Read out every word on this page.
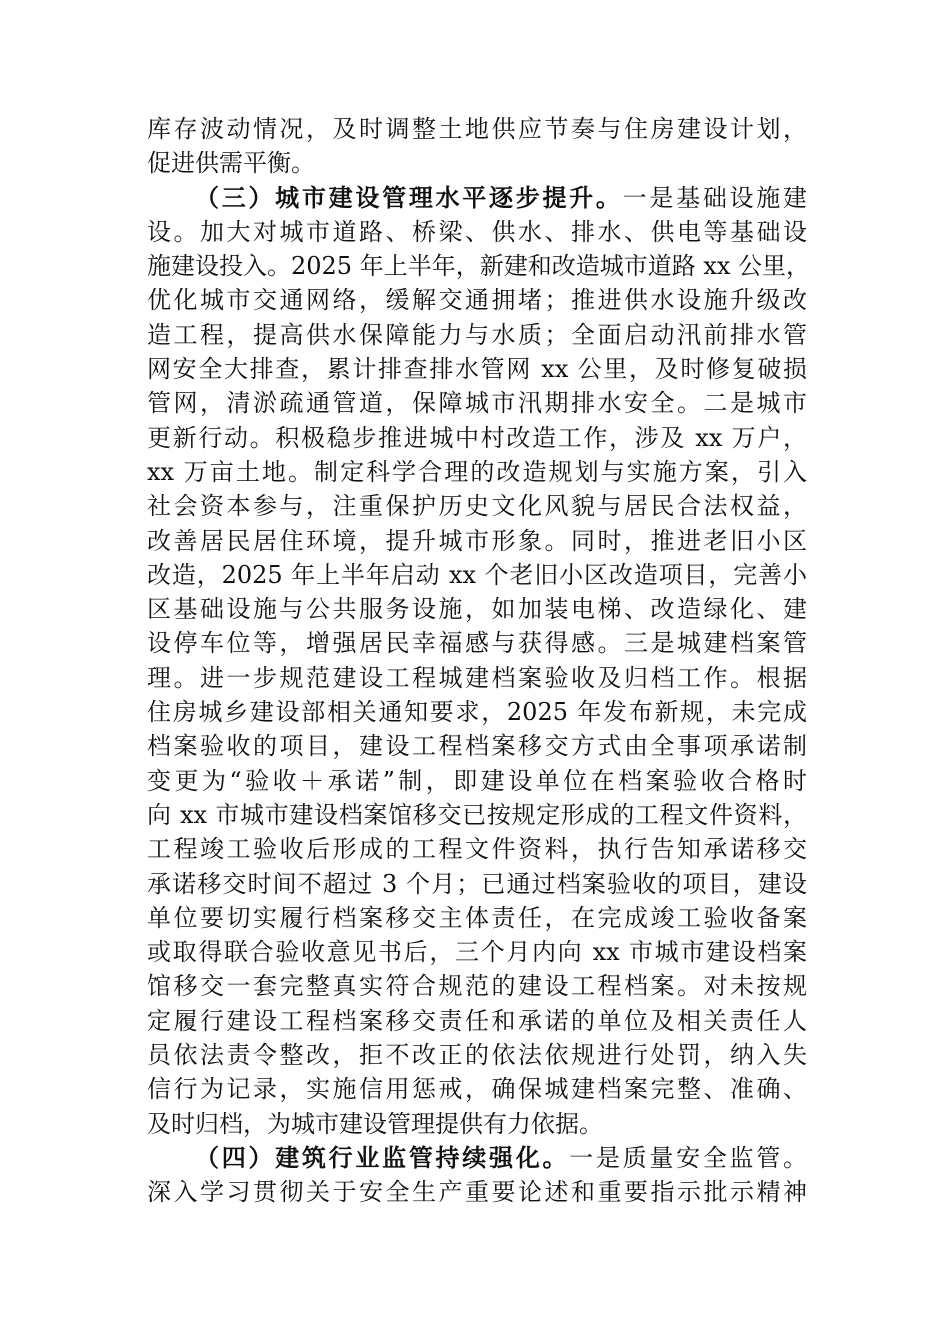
库存波动情况，及时调整土地供应节奏与住房建设计划，
促进供需平衡。
（三）城市建设管理水平逐步提升。一是基础设施建
设。加大对城市道路、桥梁、供水、排水、供电等基础设
施建设投入。2025 年上半年，新建和改造城市道路 xx 公里，
优化城市交通网络，缓解交通拥堵；推进供水设施升级改
造工程，提高供水保障能力与水质；全面启动汛前排水管
网安全大排查，累计排查排水管网 xx 公里，及时修复破损
管网，清淤疏通管道，保障城市汛期排水安全。二是城市
更新行动。积极稳步推进城中村改造工作，涉及 xx 万户，
xx 万亩土地。制定科学合理的改造规划与实施方案，引入
社会资本参与，注重保护历史文化风貌与居民合法权益，
改善居民居住环境，提升城市形象。同时，推进老旧小区
改造，2025 年上半年启动 xx 个老旧小区改造项目，完善小
区基础设施与公共服务设施，如加装电梯、改造绿化、建
设停车位等，增强居民幸福感与获得感。三是城建档案管
理。进一步规范建设工程城建档案验收及归档工作。根据
住房城乡建设部相关通知要求，2025 年发布新规，未完成
档案验收的项目，建设工程档案移交方式由全事项承诺制
变更为“验收＋承诺”制，即建设单位在档案验收合格时
向 xx 市城市建设档案馆移交已按规定形成的工程文件资料，
工程竣工验收后形成的工程文件资料，执行告知承诺移交
承诺移交时间不超过 3 个月；已通过档案验收的项目，建设
单位要切实履行档案移交主体责任，在完成竣工验收备案
或取得联合验收意见书后，三个月内向 xx 市城市建设档案
馆移交一套完整真实符合规范的建设工程档案。对未按规
定履行建设工程档案移交责任和承诺的单位及相关责任人
员依法责令整改，拒不改正的依法依规进行处罚，纳入失
信行为记录，实施信用惩戒，确保城建档案完整、准确、
及时归档，为城市建设管理提供有力依据。
（四）建筑行业监管持续强化。一是质量安全监管。
深入学习贯彻关于安全生产重要论述和重要指示批示精神
